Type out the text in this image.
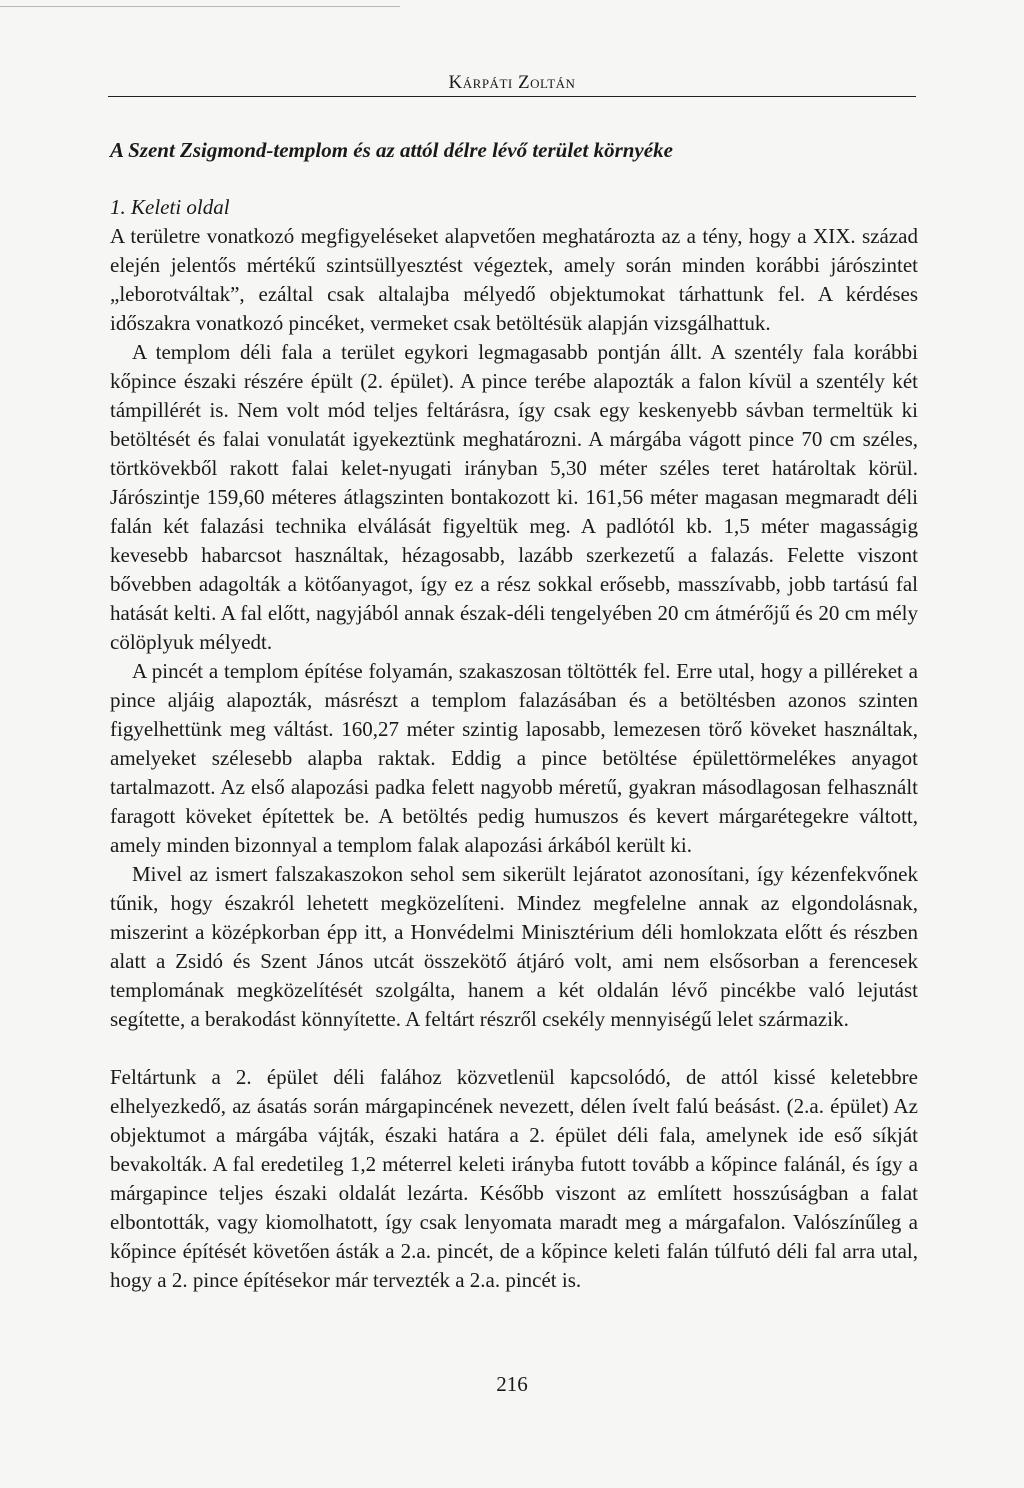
Kárpáti Zoltán
A Szent Zsigmond-templom és az attól délre lévő terület környéke
1. Keleti oldal

A területre vonatkozó megfigyeléseket alapvetően meghatározta az a tény, hogy a XIX. század elején jelentős mértékű szintsüllyesztést végeztek, amely során minden korábbi járószintet „leborotváltak”, ezáltal csak altalajba mélyedő objektumokat tárhattunk fel. A kérdéses időszakra vonatkozó pincéket, vermeket csak betöltésük alapján vizsgálhattuk.

A templom déli fala a terület egykori legmagasabb pontján állt. A szentély fala korábbi kőpince északi részére épült (2. épület). A pince terébe alapozták a falon kívül a szentély két támpillérét is. Nem volt mód teljes feltárásra, így csak egy keskenyebb sávban termeltük ki betöltését és falai vonulatát igyekeztünk meghatározni. A márgába vágott pince 70 cm széles, törtkövekből rakott falai kelet-nyugati irányban 5,30 méter széles teret határoltak körül. Járószintje 159,60 méteres átlagszinten bontakozott ki. 161,56 méter magasan megmaradt déli falán két falazási technika elválását figyeltük meg. A padlótól kb. 1,5 méter magasságig kevesebb habarcsot használtak, hézagosabb, lazább szerkezetű a falazás. Felette viszont bővebben adagolták a kötőanyagot, így ez a rész sokkal erősebb, masszívabb, jobb tartású fal hatását kelti. A fal előtt, nagyjából annak észak-déli tengelyében 20 cm átmérőjű és 20 cm mély cölöplyuk mélyedt.

A pincét a templom építése folyamán, szakaszosan töltötték fel. Erre utal, hogy a pilléreket a pince aljáig alapozták, másrészt a templom falazásában és a betöltésben azonos szinten figyelhettünk meg váltást. 160,27 méter szintig laposabb, lemezesen törő köveket használtak, amelyeket szélesebb alapba raktak. Eddig a pince betöltése épülettörmelékes anyagot tartalmazott. Az első alapozási padka felett nagyobb méretű, gyakran másodlagosan felhasznált faragott köveket építettek be. A betöltés pedig humuszos és kevert márgarétegekre váltott, amely minden bizonnyal a templom falak alapozási árkából került ki.

Mivel az ismert falszakaszokon sehol sem sikerült lejáratot azonosítani, így kézenfekvőnek tűnik, hogy északról lehetett megközelíteni. Mindez megfelelne annak az elgondolásnak, miszerint a középkorban épp itt, a Honvédelmi Minisztérium déli homlokzata előtt és részben alatt a Zsidó és Szent János utcát összekötő átjáró volt, ami nem elsősorban a ferencesek templomának megközelítését szolgálta, hanem a két oldalán lévő pincékbe való lejutást segítette, a berakodást könnyítette. A feltárt részről csekély mennyiségű lelet származik.

Feltártunk a 2. épület déli falához közvetlenül kapcsolódó, de attól kissé keletebbre elhelyezkedő, az ásatás során márgapincének nevezett, délen ívelt falú beásást. (2.a. épület) Az objektumot a márgába vájták, északi határa a 2. épület déli fala, amelynek ide eső síkját bevakolták. A fal eredetileg 1,2 méterrel keleti irányba futott tovább a kőpince falánál, és így a márgapince teljes északi oldalát lezárta. Később viszont az említett hosszúságban a falat elbontották, vagy kiomolhatott, így csak lenyomata maradt meg a márgafalon. Valószínűleg a kőpince építését követően ásták a 2.a. pincét, de a kőpince keleti falán túlfutó déli fal arra utal, hogy a 2. pince építésekor már tervezték a 2.a. pincét is.

216
